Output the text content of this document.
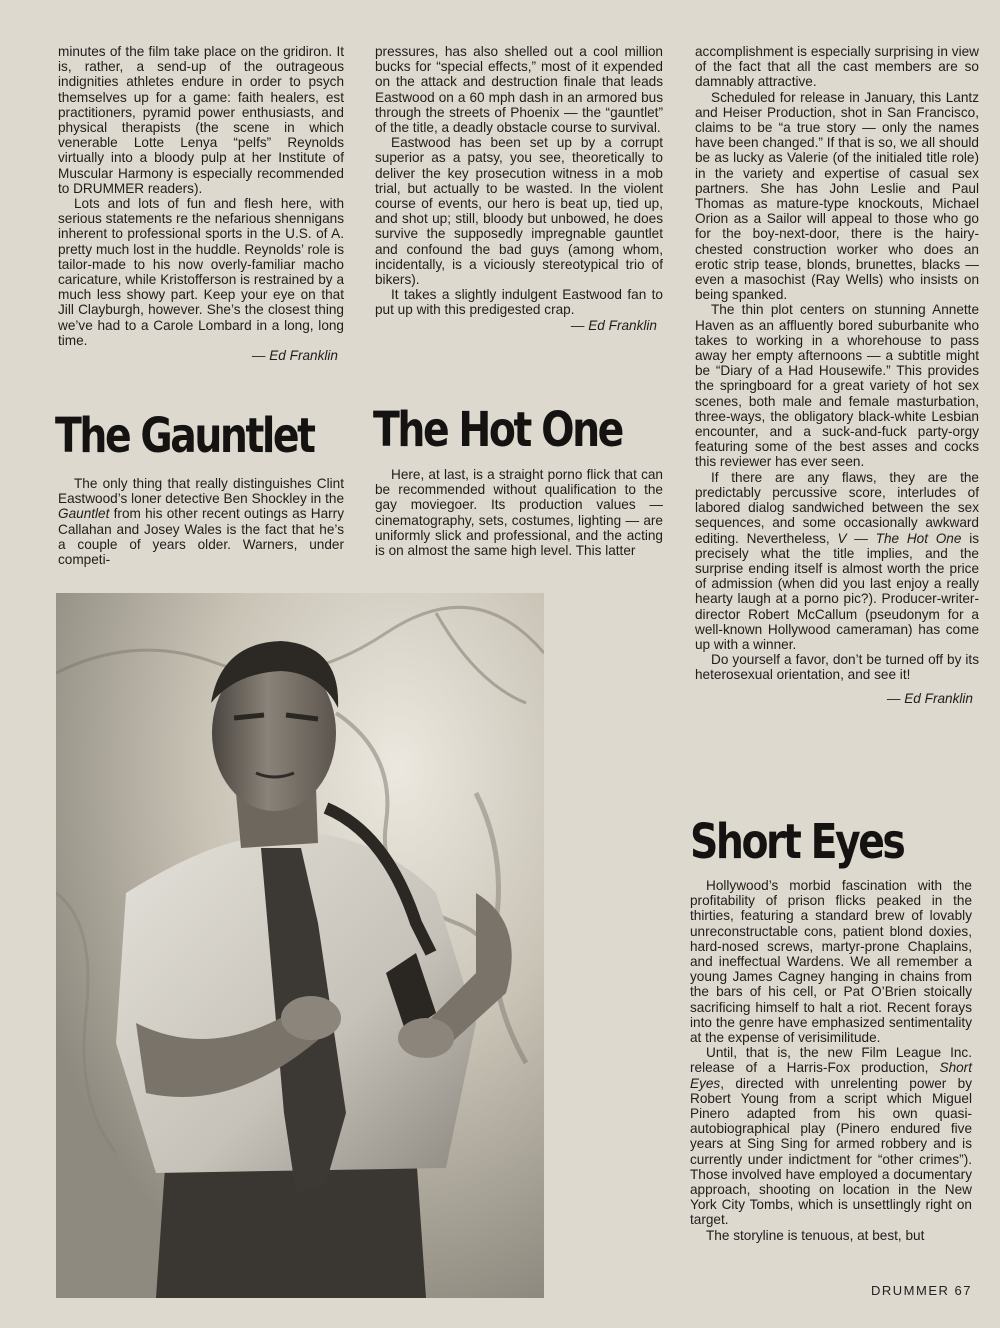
minutes of the film take place on the gridiron. It is, rather, a send-up of the outrageous indignities athletes endure in order to psych themselves up for a game: faith healers, est practitioners, pyramid power enthusiasts, and physical therapists (the scene in which venerable Lotte Lenya “pelfs” Reynolds virtually into a bloody pulp at her Institute of Muscular Harmony is especially recommended to DRUMMER readers).

Lots and lots of fun and flesh here, with serious statements re the nefarious shennigans inherent to professional sports in the U.S. of A. pretty much lost in the huddle. Reynolds’ role is tailor-made to his now overly-familiar macho caricature, while Kristofferson is restrained by a much less showy part. Keep your eye on that Jill Clayburgh, however. She’s the closest thing we’ve had to a Carole Lombard in a long, long time.

— Ed Franklin

pressures, has also shelled out a cool million bucks for “special effects,” most of it expended on the attack and destruction finale that leads Eastwood on a 60 mph dash in an armored bus through the streets of Phoenix — the “gauntlet” of the title, a deadly obstacle course to survival.

Eastwood has been set up by a corrupt superior as a patsy, you see, theoretically to deliver the key prosecution witness in a mob trial, but actually to be wasted. In the violent course of events, our hero is beat up, tied up, and shot up; still, bloody but unbowed, he does survive the supposedly impregnable gauntlet and confound the bad guys (among whom, incidentally, is a viciously stereotypical trio of bikers).

It takes a slightly indulgent Eastwood fan to put up with this predigested crap.

— Ed Franklin
The Gauntlet The Hot One

The only thing that really distinguishes Clint Eastwood’s loner detective Ben Shockley in the Gauntlet from his other recent outings as Harry Callahan and Josey Wales is the fact that he’s a couple of years older. Warners, under competi-

Here, at last, is a straight porno flick that can be recommended without qualification to the gay moviegoer. Its production values — cinematography, sets, costumes, lighting — are uniformly slick and professional, and the acting is on almost the same high level. This latter

accomplishment is especially surprising in view of the fact that all the cast members are so damnably attractive.

Scheduled for release in January, this Lantz and Heiser Production, shot in San Francisco, claims to be “a true story — only the names have been changed.” If that is so, we all should be as lucky as Valerie (of the initialed title role) in the variety and expertise of casual sex partners. She has John Leslie and Paul Thomas as mature-type knockouts, Michael Orion as a Sailor will appeal to those who go for the boy-next-door, there is the hairy-chested construction worker who does an erotic strip tease, blonds, brunettes, blacks — even a masochist (Ray Wells) who insists on being spanked.

The thin plot centers on stunning Annette Haven as an affluently bored suburbanite who takes to working in a whorehouse to pass away her empty afternoons — a subtitle might be “Diary of a Had Housewife.” This provides the springboard for a great variety of hot sex scenes, both male and female masturbation, three-ways, the obligatory black-white Lesbian encounter, and a suck-and-fuck party-orgy featuring some of the best asses and cocks this reviewer has ever seen.

If there are any flaws, they are the predictably percussive score, interludes of labored dialog sandwiched between the sex sequences, and some occasionally awkward editing. Nevertheless, V — The Hot One is precisely what the title implies, and the surprise ending itself is almost worth the price of admission (when did you last enjoy a really hearty laugh at a porno pic?). Producer-writer-director Robert McCallum (pseudonym for a well-known Hollywood cameraman) has come up with a winner.

Do yourself a favor, don’t be turned off by its heterosexual orientation, and see it!

— Ed Franklin
Short Eyes

Hollywood’s morbid fascination with the profitability of prison flicks peaked in the thirties, featuring a standard brew of lovably unreconstructable cons, patient blond doxies, hard-nosed screws, martyr-prone Chaplains, and ineffectual Wardens. We all remember a young James Cagney hanging in chains from the bars of his cell, or Pat O’Brien stoically sacrificing himself to halt a riot. Recent forays into the genre have emphasized sentimentality at the expense of verisimilitude.

Until, that is, the new Film League Inc. release of a Harris-Fox production, Short Eyes, directed with unrelenting power by Robert Young from a script which Miguel Pinero adapted from his own quasi-autobiographical play (Pinero endured five years at Sing Sing for armed robbery and is currently under indictment for “other crimes”). Those involved have employed a documentary approach, shooting on location in the New York City Tombs, which is unsettlingly right on target.

The storyline is tenuous, at best, but

DRUMMER 67
